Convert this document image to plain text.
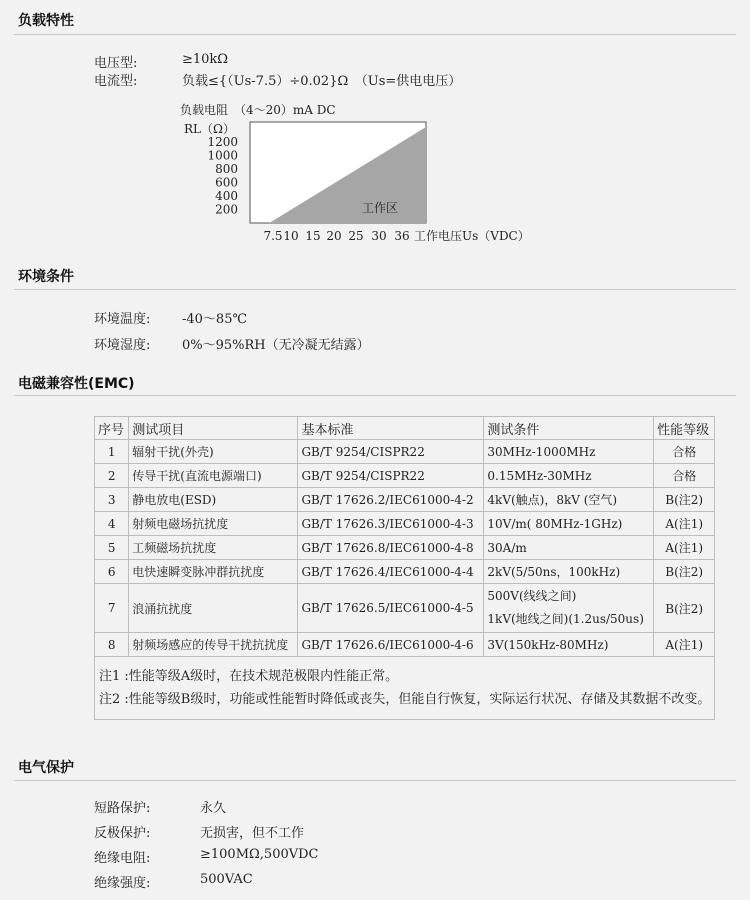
负载特性
电压型:	≥10kΩ
电流型:	负载≤{（Us-7.5）÷0.02}Ω　（Us=供电电压）
负载电阻　（4～20）mA DC
RL（Ω）
工作区
1200
1000
800
600
400
200
7.5 10 15 20 25 30 36 工作电压Us（VDC）
环境条件
环境温度: -40～85℃
环境湿度: 0%～95%RH（无冷凝无结露）
电磁兼容性(EMC)
序号	测试项目	基本标准	测试条件	性能等级
1	辐射干扰(外壳)	GB/T 9254/CISPR22	30MHz-1000MHz	合格
2	传导干扰(直流电源端口)	GB/T 9254/CISPR22	0.15MHz-30MHz	合格
3	静电放电(ESD)	GB/T 17626.2/IEC61000-4-2	4kV(触点)，8kV (空气)	B(注2)
4	射频电磁场抗扰度	GB/T 17626.3/IEC61000-4-3	10V/m( 80MHz-1GHz)	A(注1)
5	工频磁场抗扰度	GB/T 17626.8/IEC61000-4-8	30A/m	A(注1)
6	电快速瞬变脉冲群抗扰度	GB/T 17626.4/IEC61000-4-4	2kV(5/50ns，100kHz)	B(注2)
7	浪涌抗扰度	GB/T 17626.5/IEC61000-4-5	500V(线线之间)
1kV(地线之间)(1.2us/50us)	B(注2)
8	射频场感应的传导干扰抗扰度	GB/T 17626.6/IEC61000-4-6	3V(150kHz-80MHz)	A(注1)

注1 :性能等级A级时，在技术规范极限内性能正常。
注2 :性能等级B级时，功能或性能暂时降低或丧失，但能自行恢复，实际运行状况、存储及其数据不改变。				
电气保护
短路保护:	永久
反极保护:	无损害，但不工作
绝缘电阻:	≥100MΩ,500VDC
绝缘强度:	500VAC
